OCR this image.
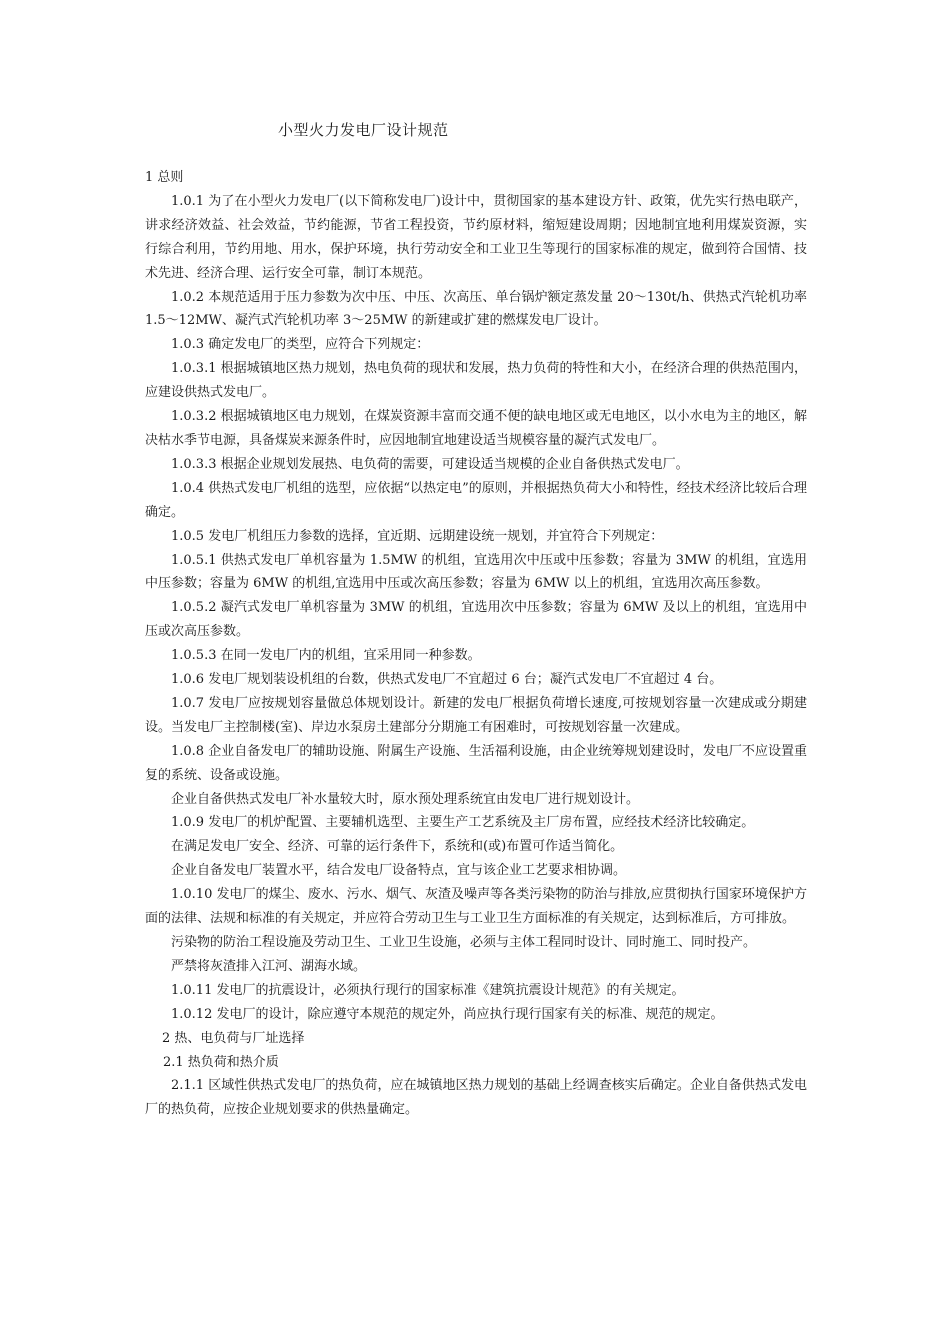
小型火力发电厂设计规范

1 总则

1.0.1 为了在小型火力发电厂(以下简称发电厂)设计中，贯彻国家的基本建设方针、政策，优先实行热电联产，讲求经济效益、社会效益，节约能源，节省工程投资，节约原材料，缩短建设周期；因地制宜地利用煤炭资源，实行综合利用，节约用地、用水，保护环境，执行劳动安全和工业卫生等现行的国家标准的规定，做到符合国情、技术先进、经济合理、运行安全可靠，制订本规范。

1.0.2 本规范适用于压力参数为次中压、中压、次高压、单台锅炉额定蒸发量 20～130t/h、供热式汽轮机功率 1.5～12MW、凝汽式汽轮机功率 3～25MW 的新建或扩建的燃煤发电厂设计。

1.0.3 确定发电厂的类型，应符合下列规定：

1.0.3.1 根据城镇地区热力规划，热电负荷的现状和发展，热力负荷的特性和大小，在经济合理的供热范围内，应建设供热式发电厂。

1.0.3.2 根据城镇地区电力规划，在煤炭资源丰富而交通不便的缺电地区或无电地区，以小水电为主的地区，解决枯水季节电源，具备煤炭来源条件时，应因地制宜地建设适当规模容量的凝汽式发电厂。

1.0.3.3 根据企业规划发展热、电负荷的需要，可建设适当规模的企业自备供热式发电厂。

1.0.4 供热式发电厂机组的选型，应依据“以热定电”的原则，并根据热负荷大小和特性，经技术经济比较后合理确定。

1.0.5 发电厂机组压力参数的选择，宜近期、远期建设统一规划，并宜符合下列规定：

1.0.5.1 供热式发电厂单机容量为 1.5MW 的机组，宜选用次中压或中压参数；容量为 3MW 的机组，宜选用中压参数；容量为 6MW 的机组,宜选用中压或次高压参数；容量为 6MW 以上的机组，宜选用次高压参数。

1.0.5.2 凝汽式发电厂单机容量为 3MW 的机组，宜选用次中压参数；容量为 6MW 及以上的机组，宜选用中压或次高压参数。

1.0.5.3 在同一发电厂内的机组，宜采用同一种参数。

1.0.6 发电厂规划装设机组的台数，供热式发电厂不宜超过 6 台；凝汽式发电厂不宜超过 4 台。

1.0.7 发电厂应按规划容量做总体规划设计。新建的发电厂根据负荷增长速度,可按规划容量一次建成或分期建设。当发电厂主控制楼(室)、岸边水泵房土建部分分期施工有困难时，可按规划容量一次建成。

1.0.8 企业自备发电厂的辅助设施、附属生产设施、生活福利设施，由企业统筹规划建设时，发电厂不应设置重复的系统、设备或设施。

企业自备供热式发电厂补水量较大时，原水预处理系统宜由发电厂进行规划设计。

1.0.9 发电厂的机炉配置、主要辅机选型、主要生产工艺系统及主厂房布置，应经技术经济比较确定。

在满足发电厂安全、经济、可靠的运行条件下，系统和(或)布置可作适当简化。

企业自备发电厂装置水平，结合发电厂设备特点，宜与该企业工艺要求相协调。

1.0.10 发电厂的煤尘、废水、污水、烟气、灰渣及噪声等各类污染物的防治与排放,应贯彻执行国家环境保护方面的法律、法规和标准的有关规定，并应符合劳动卫生与工业卫生方面标准的有关规定，达到标准后，方可排放。

污染物的防治工程设施及劳动卫生、工业卫生设施，必须与主体工程同时设计、同时施工、同时投产。

严禁将灰渣排入江河、湖海水域。

1.0.11 发电厂的抗震设计，必须执行现行的国家标准《建筑抗震设计规范》的有关规定。

1.0.12 发电厂的设计，除应遵守本规范的规定外，尚应执行现行国家有关的标准、规范的规定。

2 热、电负荷与厂址选择

2.1 热负荷和热介质

2.1.1 区域性供热式发电厂的热负荷，应在城镇地区热力规划的基础上经调查核实后确定。企业自备供热式发电厂的热负荷，应按企业规划要求的供热量确定。
